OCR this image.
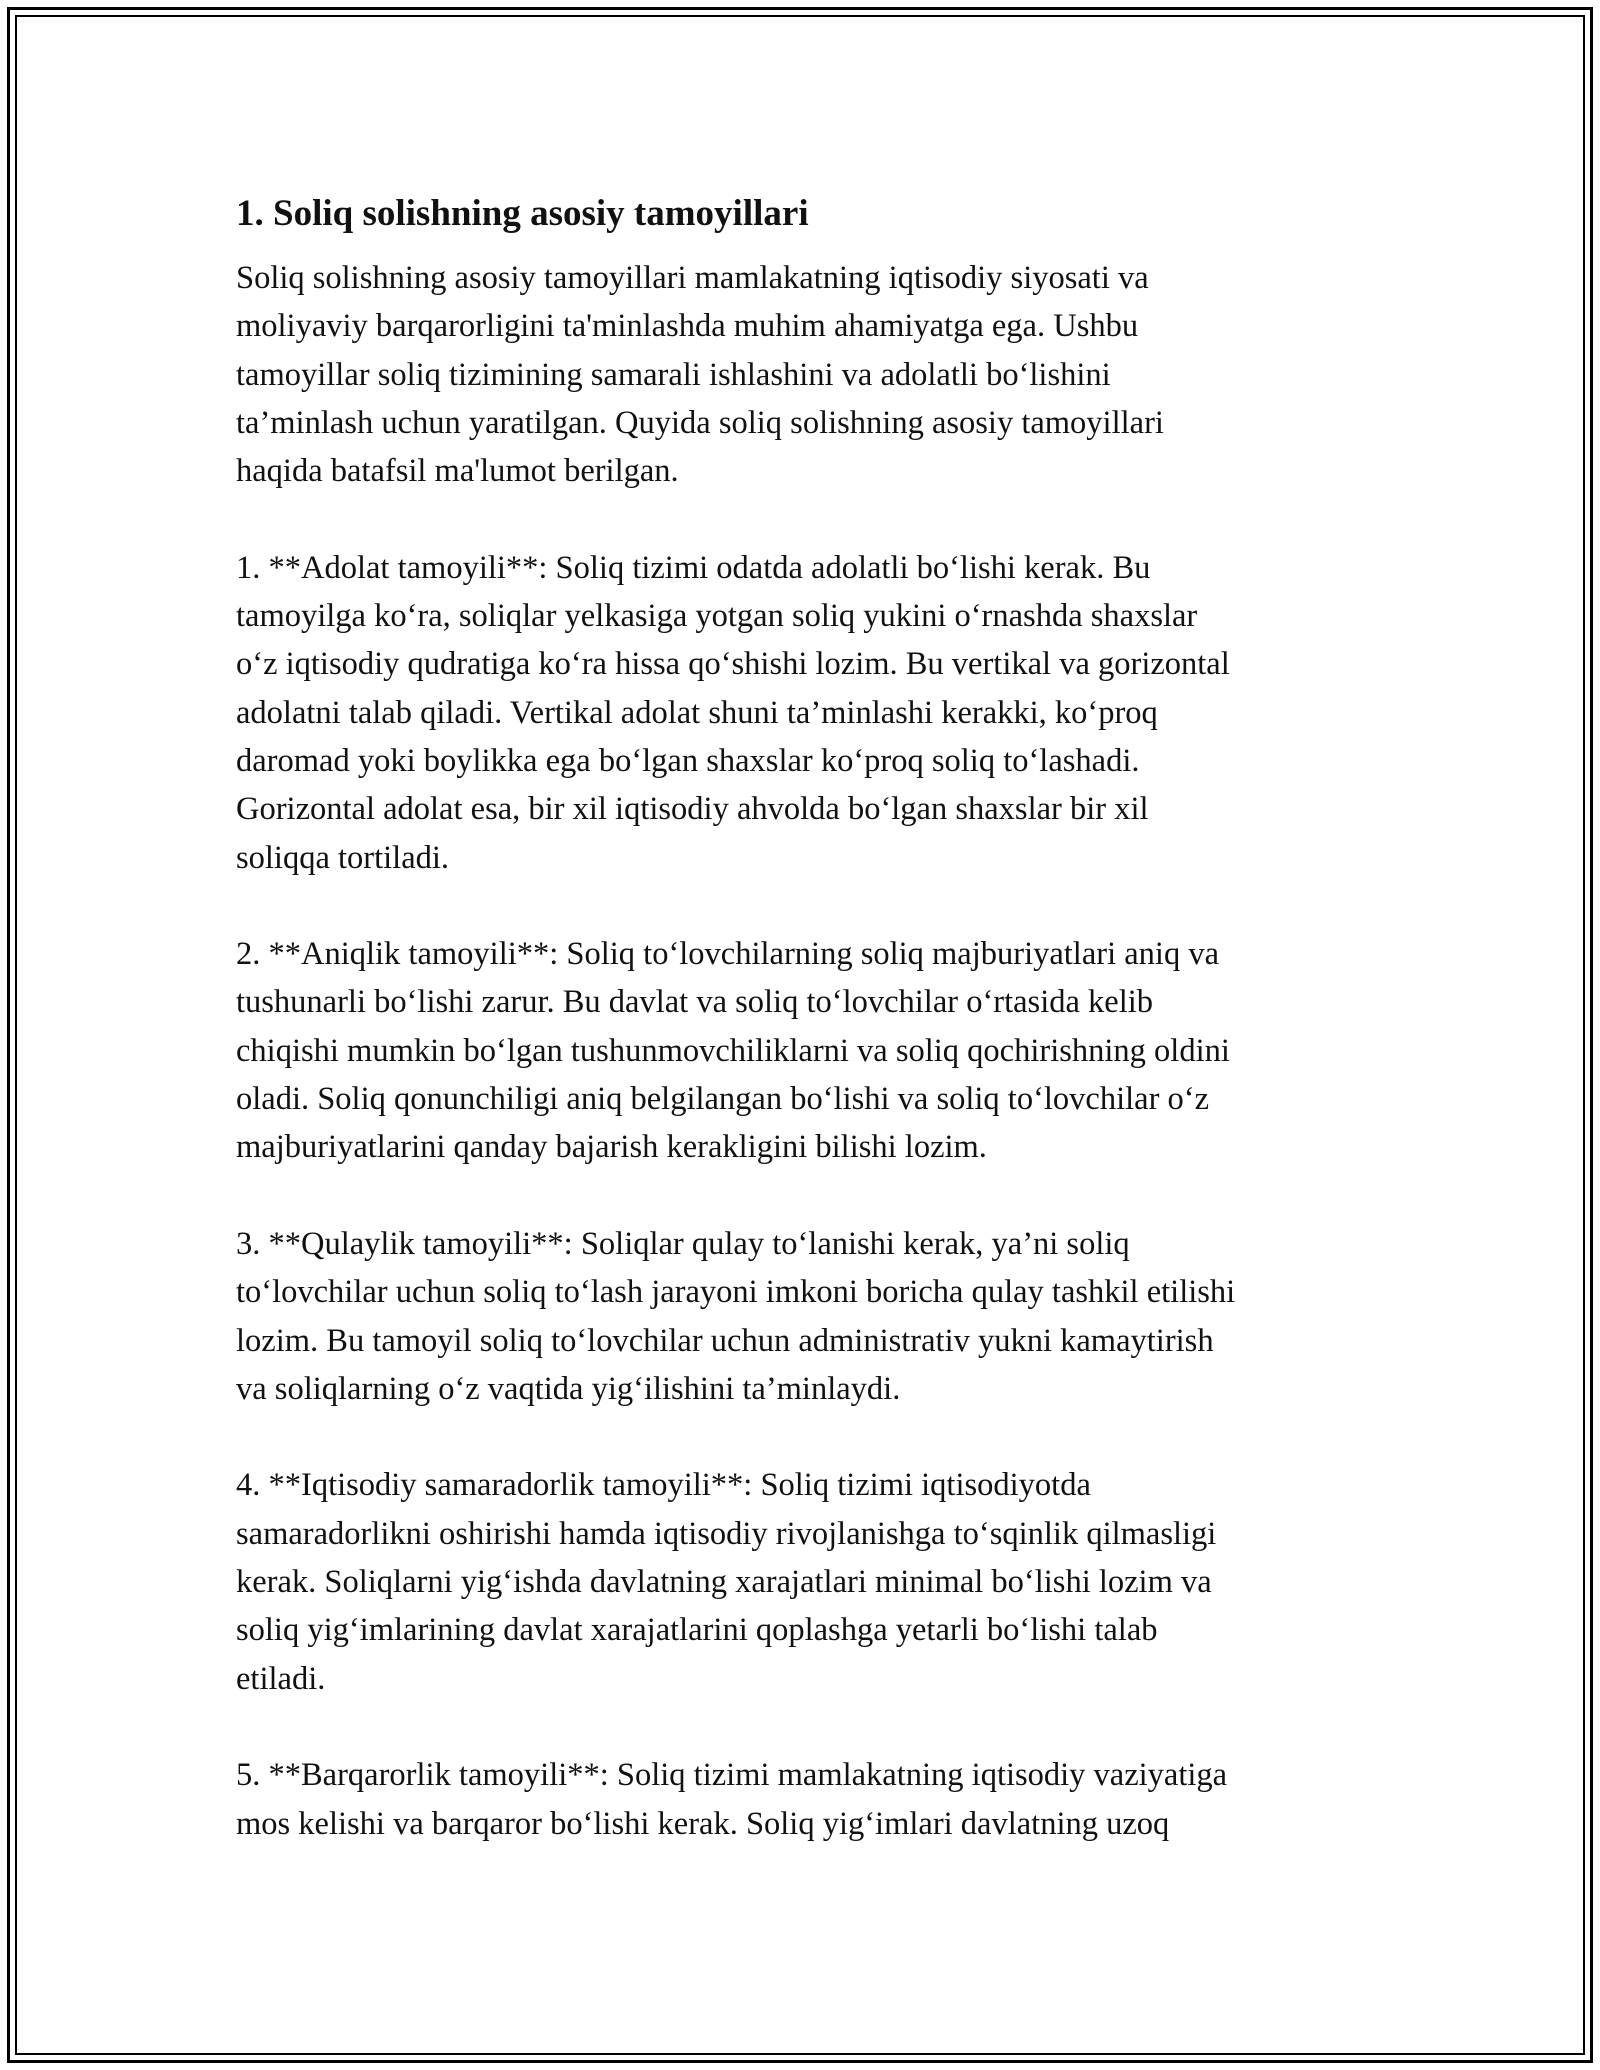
1. Soliq solishning asosiy tamoyillari

Soliq solishning asosiy tamoyillari mamlakatning iqtisodiy siyosati va
moliyaviy barqarorligini ta'minlashda muhim ahamiyatga ega. Ushbu
tamoyillar soliq tizimining samarali ishlashini va adolatli bo‘lishini
ta’minlash uchun yaratilgan. Quyida soliq solishning asosiy tamoyillari
haqida batafsil ma'lumot berilgan.

1. **Adolat tamoyili**: Soliq tizimi odatda adolatli bo‘lishi kerak. Bu
tamoyilga ko‘ra, soliqlar yelkasiga yotgan soliq yukini o‘rnashda shaxslar
o‘z iqtisodiy qudratiga ko‘ra hissa qo‘shishi lozim. Bu vertikal va gorizontal
adolatni talab qiladi. Vertikal adolat shuni ta’minlashi kerakki, ko‘proq
daromad yoki boylikka ega bo‘lgan shaxslar ko‘proq soliq to‘lashadi.
Gorizontal adolat esa, bir xil iqtisodiy ahvolda bo‘lgan shaxslar bir xil
soliqqa tortiladi.

2. **Aniqlik tamoyili**: Soliq to‘lovchilarning soliq majburiyatlari aniq va
tushunarli bo‘lishi zarur. Bu davlat va soliq to‘lovchilar o‘rtasida kelib
chiqishi mumkin bo‘lgan tushunmovchiliklarni va soliq qochirishning oldini
oladi. Soliq qonunchiligi aniq belgilangan bo‘lishi va soliq to‘lovchilar o‘z
majburiyatlarini qanday bajarish kerakligini bilishi lozim.

3. **Qulaylik tamoyili**: Soliqlar qulay to‘lanishi kerak, ya’ni soliq
to‘lovchilar uchun soliq to‘lash jarayoni imkoni boricha qulay tashkil etilishi
lozim. Bu tamoyil soliq to‘lovchilar uchun administrativ yukni kamaytirish
va soliqlarning o‘z vaqtida yig‘ilishini ta’minlaydi.

4. **Iqtisodiy samaradorlik tamoyili**: Soliq tizimi iqtisodiyotda
samaradorlikni oshirishi hamda iqtisodiy rivojlanishga to‘sqinlik qilmasligi
kerak. Soliqlarni yig‘ishda davlatning xarajatlari minimal bo‘lishi lozim va
soliq yig‘imlarining davlat xarajatlarini qoplashga yetarli bo‘lishi talab
etiladi.

5. **Barqarorlik tamoyili**: Soliq tizimi mamlakatning iqtisodiy vaziyatiga
mos kelishi va barqaror bo‘lishi kerak. Soliq yig‘imlari davlatning uzoq
